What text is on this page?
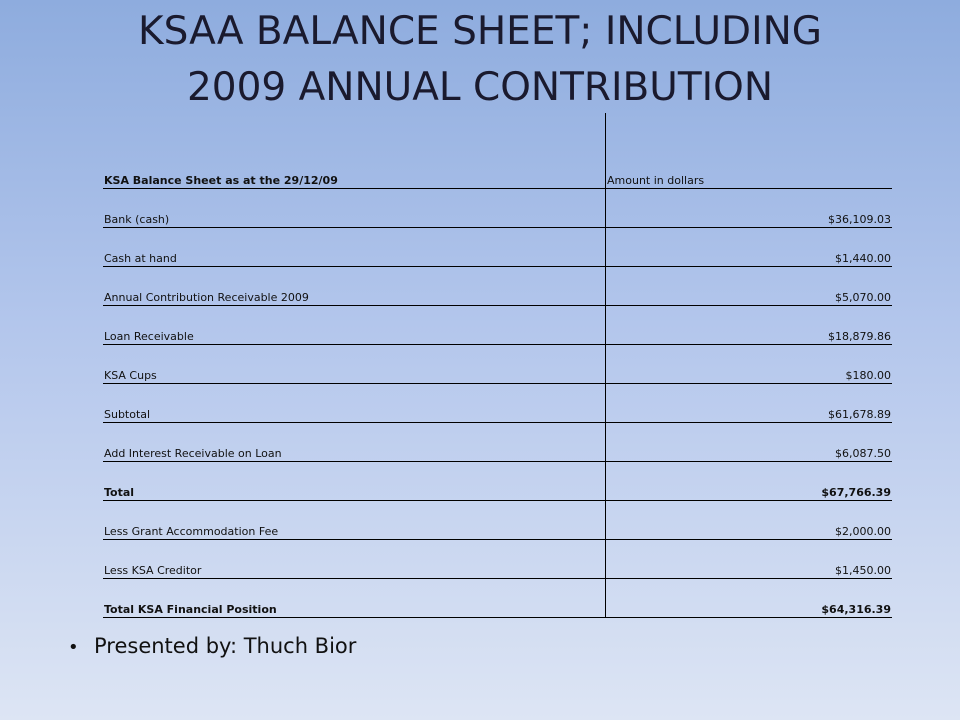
KSAA BALANCE SHEET; INCLUDING
2009 ANNUAL CONTRIBUTION
KSA Balance Sheet as at the 29/12/09	Amount in dollars
Bank (cash)	$36,109.03
Cash at hand	$1,440.00
Annual Contribution Receivable 2009	$5,070.00
Loan Receivable	$18,879.86
KSA Cups	$180.00
Subtotal	$61,678.89
Add Interest Receivable on Loan	$6,087.50
Total	$67,766.39
Less Grant Accommodation Fee	$2,000.00
Less KSA Creditor	$1,450.00
Total KSA Financial Position	$64,316.39
• Presented by: Thuch Bior
